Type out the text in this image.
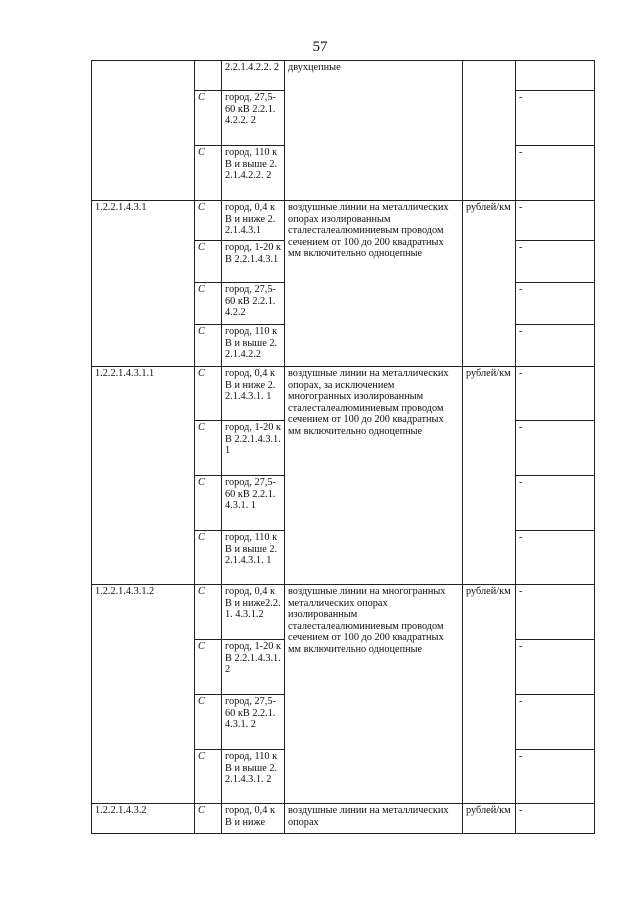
57
		2.2.1.4.2.2. 2	двухцепные		
	С	город, 27,5-60 кВ 2.2.1.4.2.2. 2			-
	С	город, 110 кВ и выше 2.2.1.4.2.2. 2			-
1.2.2.1.4.3.1	С	город, 0,4 кВ и ниже 2.2.1.4.3.1	воздушные линии на металлических опорах изолированным сталесталеалюминиевым проводом сечением от 100 до 200 квадратных мм включительно одноцепные	рублей/км	-
	С	город, 1-20 кВ 2.2.1.4.3.1			-
	С	город, 27,5-60 кВ 2.2.1.4.2.2			-
	С	город, 110 кВ и выше 2.2.1.4.2.2			-
1.2.2.1.4.3.1.1	С	город, 0,4 кВ и ниже 2.2.1.4.3.1. 1	воздушные линии на металлических опорах, за исключением многогранных изолированным сталесталеалюминиевым проводом сечением от 100 до 200 квадратных мм включительно одноцепные	рублей/км	-
	С	город, 1-20 кВ 2.2.1.4.3.1. 1			-
	С	город, 27,5-60 кВ 2.2.1.4.3.1. 1			-
	С	город, 110 кВ и выше 2.2.1.4.3.1. 1			-
1.2.2.1.4.3.1.2	С	город, 0,4 кВ и ниже2.2.1. 4.3.1.2	воздушные линии на многогранных металлических опорах изолированным сталесталеалюминиевым проводом сечением от 100 до 200 квадратных мм включительно одноцепные	рублей/км	-
	С	город, 1-20 кВ 2.2.1.4.3.1. 2			-
	С	город, 27,5-60 кВ 2.2.1.4.3.1. 2			-
	С	город, 110 кВ и выше 2.2.1.4.3.1. 2			-
1.2.2.1.4.3.2	С	город, 0,4 кВ и ниже	воздушные линии на металлических опорах	рублей/км	-
